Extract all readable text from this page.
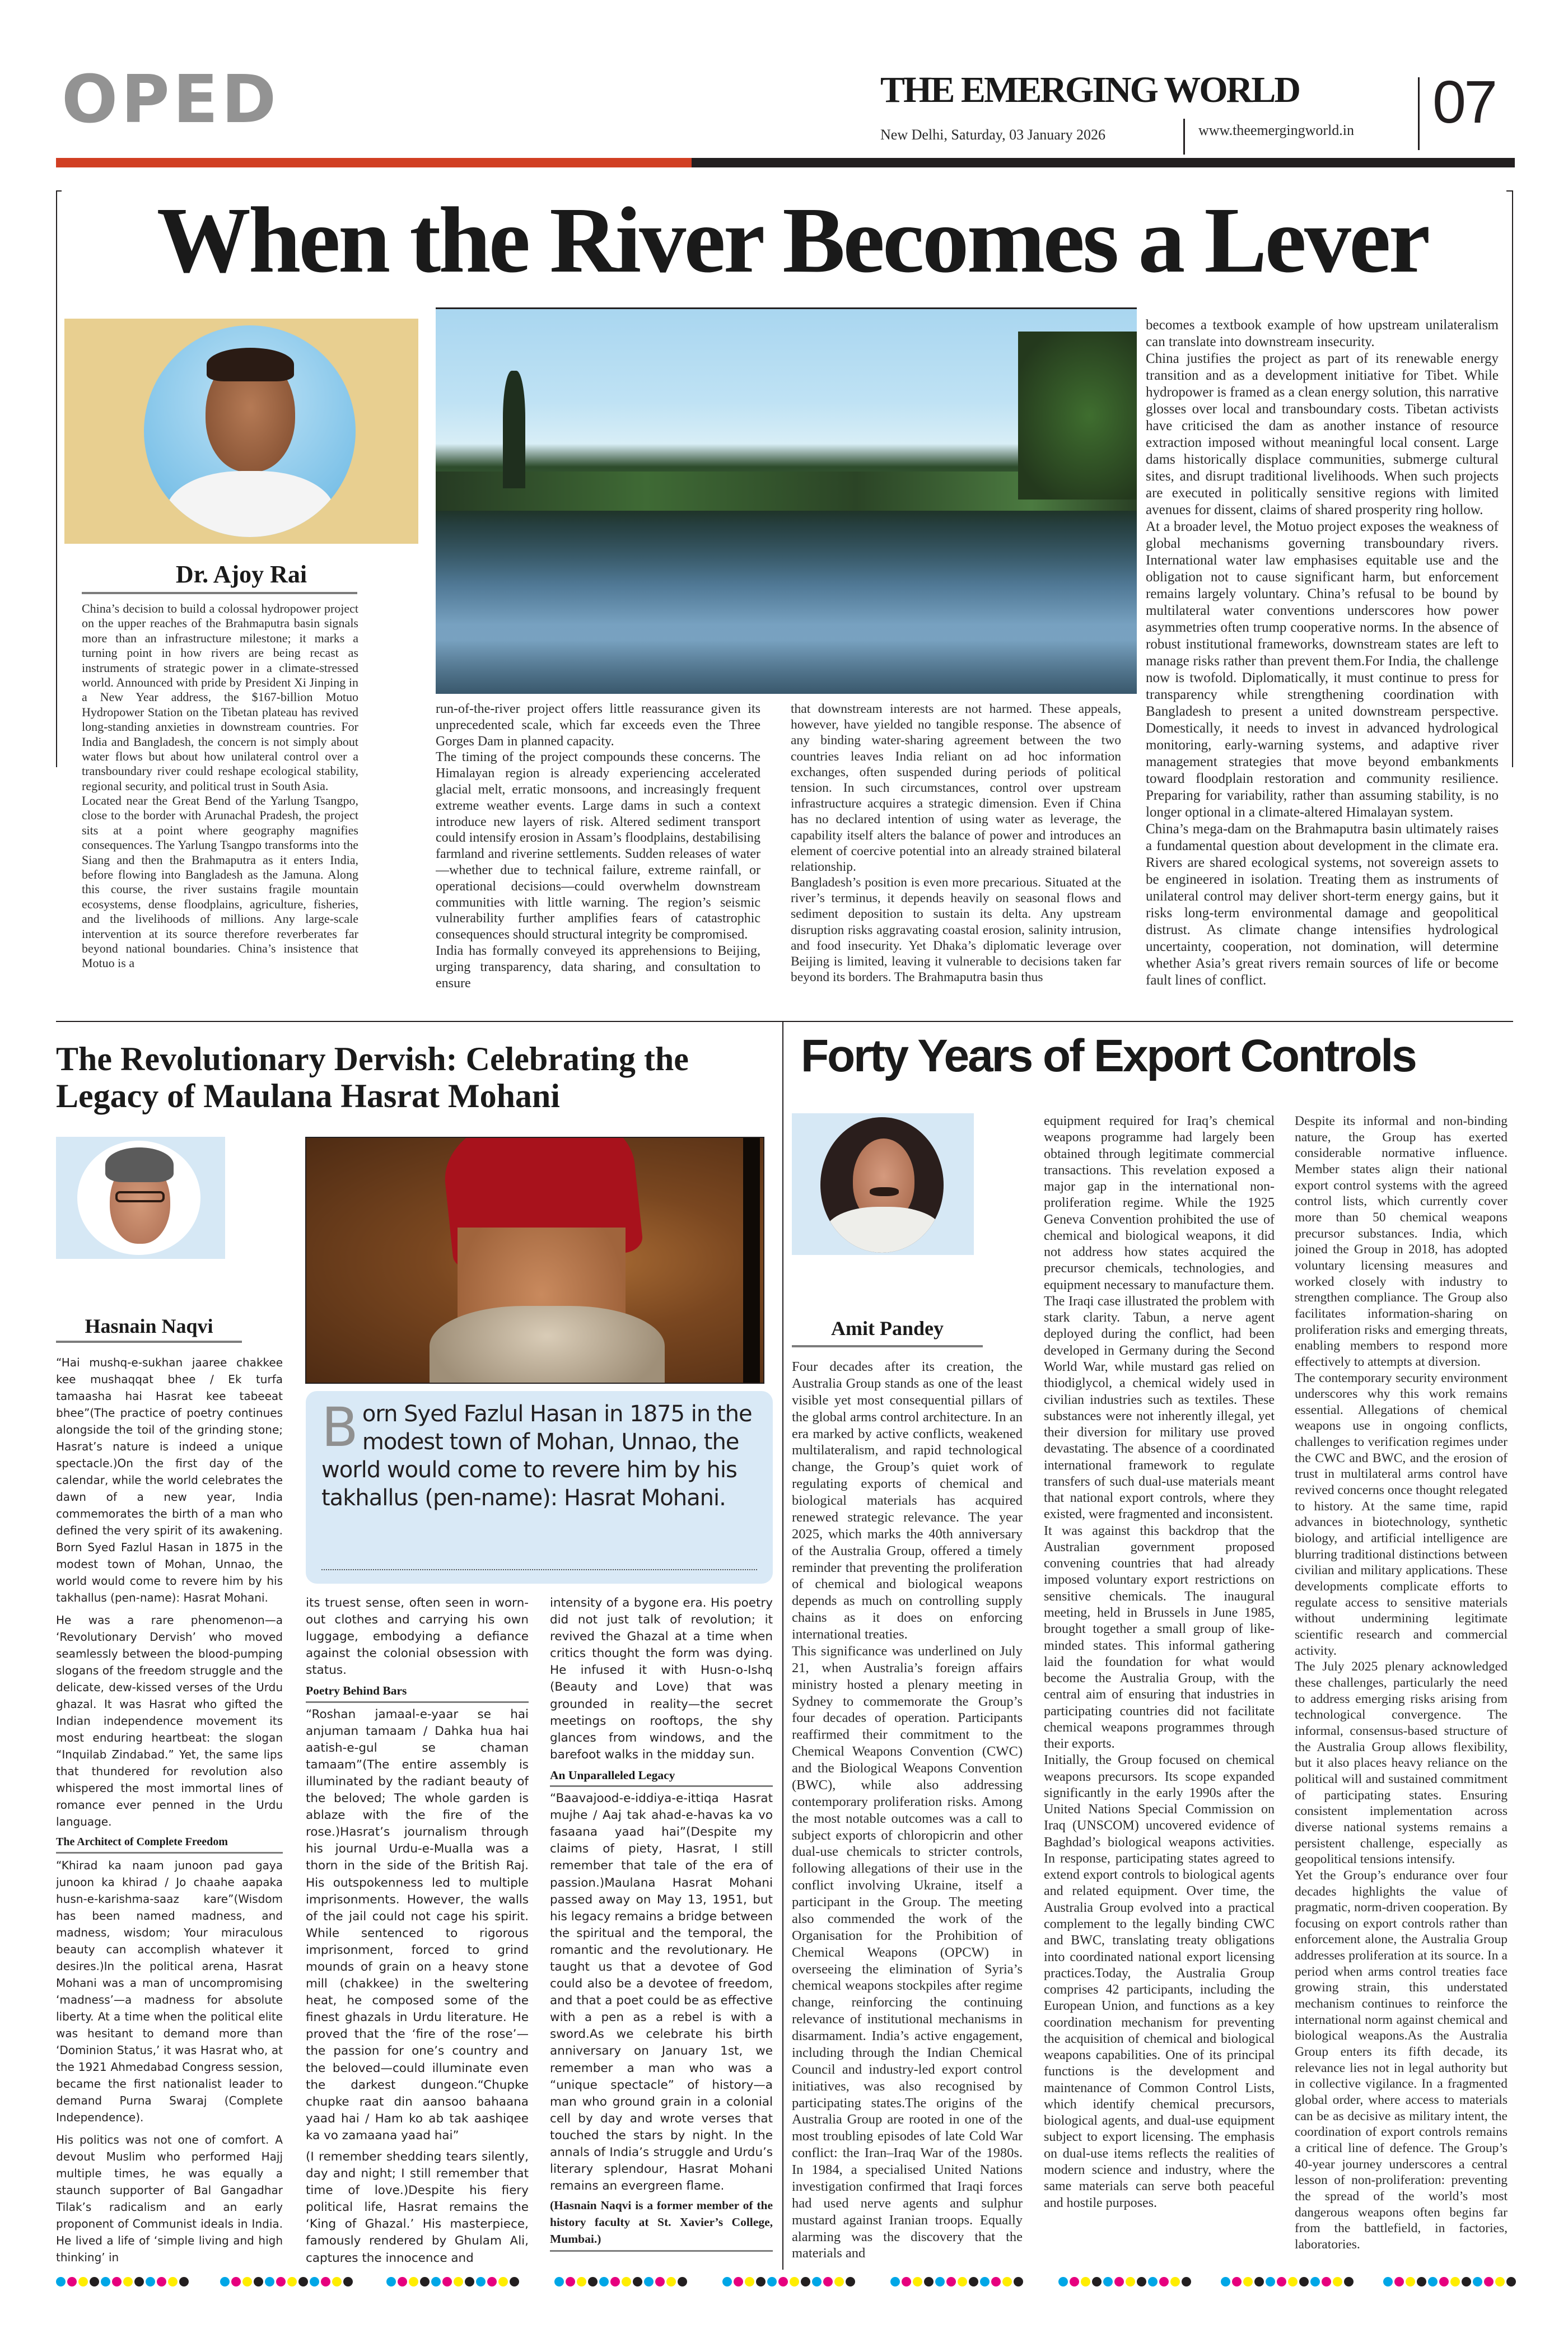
OPED	THE EMERGING WORLD
New Delhi, Saturday, 03 January 2026	www.theemergingworld.in 07
When the River Becomes a Lever
Dr. Ajoy Rai

China’s decision to build a colossal hydropower project on the upper reaches of the Brahmaputra basin signals more than an infrastructure milestone; it marks a turning point in how rivers are being recast as instruments of strategic power in a climate-stressed world. Announced with pride by President Xi Jinping in a New Year address, the $167-billion Motuo Hydropower Station on the Tibetan plateau has revived long-standing anxieties in downstream countries. For India and Bangladesh, the concern is not simply about water flows but about how unilateral control over a transboundary river could reshape ecological stability, regional security, and political trust in South Asia.

Located near the Great Bend of the Yarlung Tsangpo, close to the border with Arunachal Pradesh, the project sits at a point where geography magnifies consequences. The Yarlung Tsangpo transforms into the Siang and then the Brahmaputra as it enters India, before flowing into Bangladesh as the Jamuna. Along this course, the river sustains fragile mountain ecosystems, dense floodplains, agriculture, fisheries, and the livelihoods of millions. Any large-scale intervention at its source therefore reverberates far beyond national boundaries. China’s insistence that Motuo is a

run-of-the-river project offers little reassurance given its unprecedented scale, which far exceeds even the Three Gorges Dam in planned capacity.

The timing of the project compounds these concerns. The Himalayan region is already experiencing accelerated glacial melt, erratic monsoons, and increasingly frequent extreme weather events. Large dams in such a context introduce new layers of risk. Altered sediment transport could intensify erosion in Assam’s floodplains, destabilising farmland and riverine settlements. Sudden releases of water—whether due to technical failure, extreme rainfall, or operational decisions—could overwhelm downstream communities with little warning. The region’s seismic vulnerability further amplifies fears of catastrophic consequences should structural integrity be compromised.

India has formally conveyed its apprehensions to Beijing, urging transparency, data sharing, and consultation to ensure

that downstream interests are not harmed. These appeals, however, have yielded no tangible response. The absence of any binding water-sharing agreement between the two countries leaves India reliant on ad hoc information exchanges, often suspended during periods of political tension. In such circumstances, control over upstream infrastructure acquires a strategic dimension. Even if China has no declared intention of using water as leverage, the capability itself alters the balance of power and introduces an element of coercive potential into an already strained bilateral relationship.

Bangladesh’s position is even more precarious. Situated at the river’s terminus, it depends heavily on seasonal flows and sediment deposition to sustain its delta. Any upstream disruption risks aggravating coastal erosion, salinity intrusion, and food insecurity. Yet Dhaka’s diplomatic leverage over Beijing is limited, leaving it vulnerable to decisions taken far beyond its borders. The Brahmaputra basin thus

becomes a textbook example of how upstream unilateralism can translate into downstream insecurity.

China justifies the project as part of its renewable energy transition and as a development initiative for Tibet. While hydropower is framed as a clean energy solution, this narrative glosses over local and transboundary costs. Tibetan activists have criticised the dam as another instance of resource extraction imposed without meaningful local consent. Large dams historically displace communities, submerge cultural sites, and disrupt traditional livelihoods. When such projects are executed in politically sensitive regions with limited avenues for dissent, claims of shared prosperity ring hollow.

At a broader level, the Motuo project exposes the weakness of global mechanisms governing transboundary rivers. International water law emphasises equitable use and the obligation not to cause significant harm, but enforcement remains largely voluntary. China’s refusal to be bound by multilateral water conventions underscores how power asymmetries often trump cooperative norms. In the absence of robust institutional frameworks, downstream states are left to manage risks rather than prevent them.For India, the challenge now is twofold. Diplomatically, it must continue to press for transparency while strengthening coordination with Bangladesh to present a united downstream perspective. Domestically, it needs to invest in advanced hydrological monitoring, early-warning systems, and adaptive river management strategies that move beyond embankments toward floodplain restoration and community resilience. Preparing for variability, rather than assuming stability, is no longer optional in a climate-altered Himalayan system.

China’s mega-dam on the Brahmaputra basin ultimately raises a fundamental question about development in the climate era. Rivers are shared ecological systems, not sovereign assets to be engineered in isolation. Treating them as instruments of unilateral control may deliver short-term energy gains, but it risks long-term environmental damage and geopolitical distrust. As climate change intensifies hydrological uncertainty, cooperation, not domination, will determine whether Asia’s great rivers remain sources of life or become fault lines of conflict.

The Revolutionary Dervish: Celebrating the Legacy of Maulana Hasrat Mohani
Hasnain Naqvi
Born Syed Fazlul Hasan in 1875 in the modest town of Mohan, Unnao, the world would come to revere him by his takhallus (pen-name): Hasrat Mohani.

“Hai mushq-e-sukhan jaaree chakkee kee mushaqqat bhee / Ek turfa tamaasha hai Hasrat kee tabeeat bhee”(The practice of poetry continues alongside the toil of the grinding stone; Hasrat’s nature is indeed a unique spectacle.)On the first day of the calendar, while the world celebrates the dawn of a new year, India commemorates the birth of a man who defined the very spirit of its awakening. Born Syed Fazlul Hasan in 1875 in the modest town of Mohan, Unnao, the world would come to revere him by his takhallus (pen-name): Hasrat Mohani.

He was a rare phenomenon—a ‘Revolutionary Dervish’ who moved seamlessly between the blood-pumping slogans of the freedom struggle and the delicate, dew-kissed verses of the Urdu ghazal. It was Hasrat who gifted the Indian independence movement its most enduring heartbeat: the slogan “Inquilab Zindabad.” Yet, the same lips that thundered for revolution also whispered the most immortal lines of romance ever penned in the Urdu language.

The Architect of Complete Freedom

“Khirad ka naam junoon pad gaya junoon ka khirad / Jo chaahe aapaka husn-e-karishma-saaz kare”(Wisdom has been named madness, and madness, wisdom; Your miraculous beauty can accomplish whatever it desires.)In the political arena, Hasrat Mohani was a man of uncompromising ‘madness’—a madness for absolute liberty. At a time when the political elite was hesitant to demand more than ‘Dominion Status,’ it was Hasrat who, at the 1921 Ahmedabad Congress session, became the first nationalist leader to demand Purna Swaraj (Complete Independence).

His politics was not one of comfort. A devout Muslim who performed Hajj multiple times, he was equally a staunch supporter of Bal Gangadhar Tilak’s radicalism and an early proponent of Communist ideals in India. He lived a life of ‘simple living and high thinking’ in

its truest sense, often seen in worn-out clothes and carrying his own luggage, embodying a defiance against the colonial obsession with status.

Poetry Behind Bars

“Roshan jamaal-e-yaar se hai anjuman tamaam / Dahka hua hai aatish-e-gul se chaman tamaam”(The entire assembly is illuminated by the radiant beauty of the beloved; The whole garden is ablaze with the fire of the rose.)Hasrat’s journalism through his journal Urdu-e-Mualla was a thorn in the side of the British Raj. His outspokenness led to multiple imprisonments. However, the walls of the jail could not cage his spirit. While sentenced to rigorous imprisonment, forced to grind mounds of grain on a heavy stone mill (chakkee) in the sweltering heat, he composed some of the finest ghazals in Urdu literature. He proved that the ‘fire of the rose’—the passion for one’s country and the beloved—could illuminate even the darkest dungeon.“Chupke chupke raat din aansoo bahaana yaad hai / Ham ko ab tak aashiqee ka vo zamaana yaad hai”

(I remember shedding tears silently, day and night; I still remember that time of love.)Despite his fiery political life, Hasrat remains the ‘King of Ghazal.’ His masterpiece, famously rendered by Ghulam Ali, captures the innocence and

intensity of a bygone era. His poetry did not just talk of revolution; it revived the Ghazal at a time when critics thought the form was dying. He infused it with Husn-o-Ishq (Beauty and Love) that was grounded in reality—the secret meetings on rooftops, the shy glances from windows, and the barefoot walks in the midday sun.

An Unparalleled Legacy

“Baavajood-e-iddiya-e-ittiqa Hasrat mujhe / Aaj tak ahad-e-havas ka vo fasaana yaad hai”(Despite my claims of piety, Hasrat, I still remember that tale of the era of passion.)Maulana Hasrat Mohani passed away on May 13, 1951, but his legacy remains a bridge between the spiritual and the temporal, the romantic and the revolutionary. He taught us that a devotee of God could also be a devotee of freedom, and that a poet could be as effective with a pen as a rebel is with a sword.As we celebrate his birth anniversary on January 1st, we remember a man who was a “unique spectacle” of history—a man who ground grain in a colonial cell by day and wrote verses that touched the stars by night. In the annals of India’s struggle and Urdu’s literary splendour, Hasrat Mohani remains an evergreen flame.

(Hasnain Naqvi is a former member of the history faculty at St. Xavier’s College, Mumbai.)
Forty Years of Export Controls
Amit Pandey

Four decades after its creation, the Australia Group stands as one of the least visible yet most consequential pillars of the global arms control architecture. In an era marked by active conflicts, weakened multilateralism, and rapid technological change, the Group’s quiet work of regulating exports of chemical and biological materials has acquired renewed strategic relevance. The year 2025, which marks the 40th anniversary of the Australia Group, offered a timely reminder that preventing the proliferation of chemical and biological weapons depends as much on controlling supply chains as it does on enforcing international treaties.

This significance was underlined on July 21, when Australia’s foreign affairs ministry hosted a plenary meeting in Sydney to commemorate the Group’s four decades of operation. Participants reaffirmed their commitment to the Chemical Weapons Convention (CWC) and the Biological Weapons Convention (BWC), while also addressing contemporary proliferation risks. Among the most notable outcomes was a call to subject exports of chloropicrin and other dual-use chemicals to stricter controls, following allegations of their use in the conflict involving Ukraine, itself a participant in the Group. The meeting also commended the work of the Organisation for the Prohibition of Chemical Weapons (OPCW) in overseeing the elimination of Syria’s chemical weapons stockpiles after regime change, reinforcing the continuing relevance of institutional mechanisms in disarmament. India’s active engagement, including through the Indian Chemical Council and industry-led export control initiatives, was also recognised by participating states.The origins of the Australia Group are rooted in one of the most troubling episodes of late Cold War conflict: the Iran–Iraq War of the 1980s. In 1984, a specialised United Nations investigation confirmed that Iraqi forces had used nerve agents and sulphur mustard against Iranian troops. Equally alarming was the discovery that the materials and

equipment required for Iraq’s chemical weapons programme had largely been obtained through legitimate commercial transactions. This revelation exposed a major gap in the international non-proliferation regime. While the 1925 Geneva Convention prohibited the use of chemical and biological weapons, it did not address how states acquired the precursor chemicals, technologies, and equipment necessary to manufacture them.

The Iraqi case illustrated the problem with stark clarity. Tabun, a nerve agent deployed during the conflict, had been developed in Germany during the Second World War, while mustard gas relied on thiodiglycol, a chemical widely used in civilian industries such as textiles. These substances were not inherently illegal, yet their diversion for military use proved devastating. The absence of a coordinated international framework to regulate transfers of such dual-use materials meant that national export controls, where they existed, were fragmented and inconsistent.

It was against this backdrop that the Australian government proposed convening countries that had already imposed voluntary export restrictions on sensitive chemicals. The inaugural meeting, held in Brussels in June 1985, brought together a small group of like-minded states. This informal gathering laid the foundation for what would become the Australia Group, with the central aim of ensuring that industries in participating countries did not facilitate chemical weapons programmes through their exports.

Initially, the Group focused on chemical weapons precursors. Its scope expanded significantly in the early 1990s after the United Nations Special Commission on Iraq (UNSCOM) uncovered evidence of Baghdad’s biological weapons activities. In response, participating states agreed to extend export controls to biological agents and related equipment. Over time, the Australia Group evolved into a practical complement to the legally binding CWC and BWC, translating treaty obligations into coordinated national export licensing practices.Today, the Australia Group comprises 42 participants, including the European Union, and functions as a key coordination mechanism for preventing the acquisition of chemical and biological weapons capabilities. One of its principal functions is the development and maintenance of Common Control Lists, which identify chemical precursors, biological agents, and dual-use equipment subject to export licensing. The emphasis on dual-use items reflects the realities of modern science and industry, where the same materials can serve both peaceful and hostile purposes.

Despite its informal and non-binding nature, the Group has exerted considerable normative influence. Member states align their national export control systems with the agreed control lists, which currently cover more than 50 chemical weapons precursor substances. India, which joined the Group in 2018, has adopted voluntary licensing measures and worked closely with industry to strengthen compliance. The Group also facilitates information-sharing on proliferation risks and emerging threats, enabling members to respond more effectively to attempts at diversion.

The contemporary security environment underscores why this work remains essential. Allegations of chemical weapons use in ongoing conflicts, challenges to verification regimes under the CWC and BWC, and the erosion of trust in multilateral arms control have revived concerns once thought relegated to history. At the same time, rapid advances in biotechnology, synthetic biology, and artificial intelligence are blurring traditional distinctions between civilian and military applications. These developments complicate efforts to regulate access to sensitive materials without undermining legitimate scientific research and commercial activity.

The July 2025 plenary acknowledged these challenges, particularly the need to address emerging risks arising from technological convergence. The informal, consensus-based structure of the Australia Group allows flexibility, but it also places heavy reliance on the political will and sustained commitment of participating states. Ensuring consistent implementation across diverse national systems remains a persistent challenge, especially as geopolitical tensions intensify.

Yet the Group’s endurance over four decades highlights the value of pragmatic, norm-driven cooperation. By focusing on export controls rather than enforcement alone, the Australia Group addresses proliferation at its source. In a period when arms control treaties face growing strain, this understated mechanism continues to reinforce the international norm against chemical and biological weapons.As the Australia Group enters its fifth decade, its relevance lies not in legal authority but in collective vigilance. In a fragmented global order, where access to materials can be as decisive as military intent, the coordination of export controls remains a critical line of defence. The Group’s 40-year journey underscores a central lesson of non-proliferation: preventing the spread of the world’s most dangerous weapons often begins far from the battlefield, in factories, laboratories.
